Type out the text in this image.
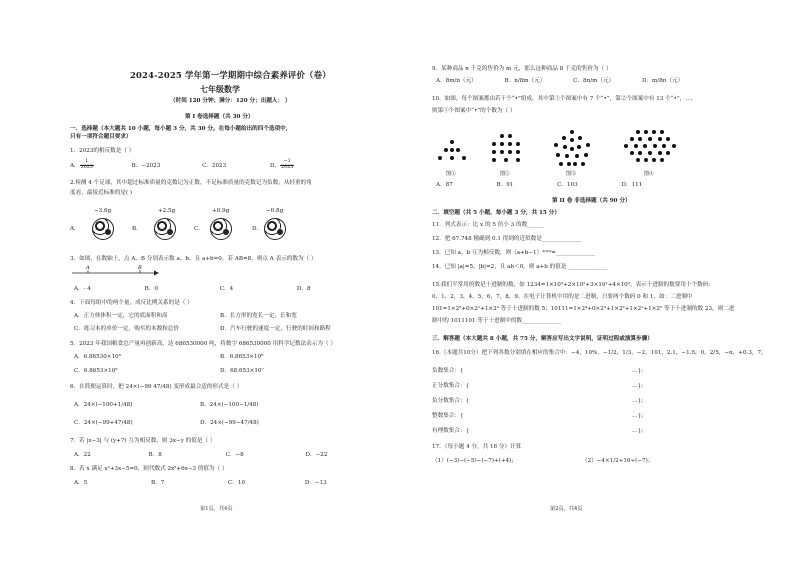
2024-2025 学年第一学期期中综合素养评价（卷）
七年级数学
（时间 120 分钟；满分：120 分；出题人： ）
第 I 卷选择题（共 30 分）
一．选择题（本大题共 10 小题，每小题 3 分，共 30 分。在每小题给出的四个选项中，
只有一项符合题目要求）
1．2023的相反数是（ ）
A． $\frac{1}{2023}$	B．−2023	C．2023	D． $\frac{-1}{2023}$
2.检测 4 个足球，其中超过标准质量的克数记为正数，不足标准质量的克数记为负数，从轻重的角
度看，最接近标准的是( )
A．
−3.6g
B．
+2.5g
C．
+0.9g
D．
−0.8g
3．如图，在数轴上，点 A、B 分别表示数 a、b，且 a+b=0，若 AB=8，则点 A 表示的数为（ ）
A	B
A．- 4	B．0	C．4	D．8
4．下面每组中的两个量，成反比例关系的是（ ）
A．正方体体积一定，它的底面积和高	B．长方形的宽长一定，长和宽
C．练习本的单价一定，购买的本数和总价	D．汽车行驶的速度一定，行驶的时间和路程
5．2023 年我国粮食总产量再创新高，达 686530000 吨，将数字 686530000 用科学记数法表示为（ ）
A．6.86530×10⁸	B．6.8653×10⁸
C．6.8653×10⁹	D．68.653×10⁷
6．在简便运算时，把 24×(−99 47/48) 变形成最合适的形式是（ ）
A．24×(−100+1/48)	B．24×(−100−1/48)
C．24×(−99+47/48)	D．24×(−99−47/48)
7．若 |x−3| 与 (y+7) 互为相反数，则 3x−y 的值是（ ）
A．22	B．8	C．−8	D．−22
8．若 x 满足 x²+3x−5=0，则代数式 2x²+6x−3 的值为（ ）
A．5	B．7	C．10	D．−13
第1页，共4页
9．某种商品 n 千克的售价为 m 元，那么这种商品 8 千克的售价为（ ）
A．8m/n（元）	B．n/8m（元）	C．8n/m（元）	D．m/8n（元）
10．如图，每个图案都由若干个“•”组成，其中第①个图案中有 7 个“•”，第②个图案中有 13 个“•”，…，
则第⑤个图案中“•”的个数为（ ）
图①	图②	图③	图④
A．87	B．91	C．103	D．111
第 II 卷 非选择题（共 90 分）
二．填空题（共 5 小题，每小题 3 分，共 15 分）
11．列式表示：比 x 的 5 倍小 3 的数______
12．把 67.748 精确到 0.1 得到的近似数是______________
13．已知 a，b 互为相反数，则（a+b−1）²⁰²⁴=______________
14．已知 |a|=5，|b|=2，且 ab＜0，则 a+b 的值是 ______________
15.我们平常用的数是十进制的数，如 1234=1×10³+2×10²+3×10¹+4×10⁰，表示十进制的数要用十个数码:
0，1，2，3，4，5，6，7，8，9。在电子计算机中用的是二进制，只要两个数码 0 和 1，如：二进制中
101=1×2²+0×2¹+1×2⁰ 等于十进制的数 5；10111=1×2⁴+0×2³+1×2²+1×2¹+1×2⁰ 等于十进制的数 23，则二进
制中的 1011101 等于十进制中的数______________
三．解答题（本大题共 8 小题，共 75 分，解答应写出文字说明，证明过程或演算步骤）
16.（本题共10分）把下列各数分别填在相应的集合中：−4，10%，−1/2，1/3，−2，101，2.1，−1.5，0，2/5，−π，+0.3，7。
负数集合：{	…};
正分数集合：{	…};
负分数集合：{	…};
整数集合：{	…};
有理数集合：{	…};
17．（每小题 4 分，共 16 分）计算
（1）(−3)−(−5)−(−7)+(+4)；	（2）−4×1/2÷16÷(−7)；
第2页，共4页
